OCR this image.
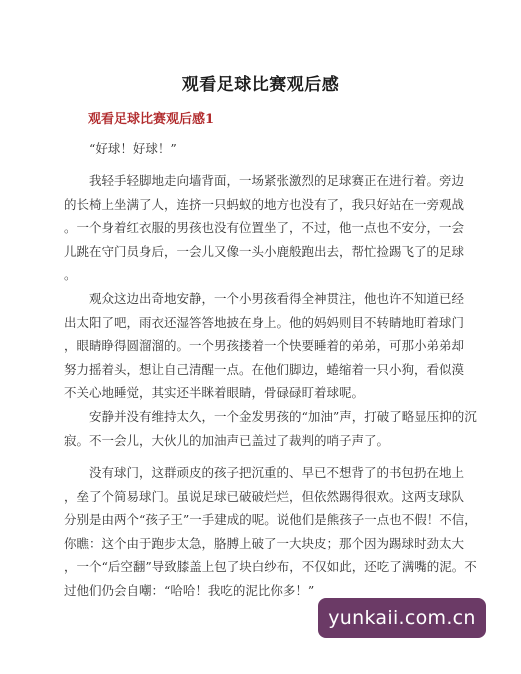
观看足球比赛观后感
观看足球比赛观后感1
“好球！好球！”
我轻手轻脚地走向墙背面，一场紧张激烈的足球赛正在进行着。旁边
的长椅上坐满了人，连挤一只蚂蚁的地方也没有了，我只好站在一旁观战
。一个身着红衣服的男孩也没有位置坐了，不过，他一点也不安分，一会
儿跳在守门员身后，一会儿又像一头小鹿般跑出去，帮忙捡踢飞了的足球
。
观众这边出奇地安静，一个小男孩看得全神贯注，他也许不知道已经
出太阳了吧，雨衣还湿答答地披在身上。他的妈妈则目不转睛地盯着球门
，眼睛睁得圆溜溜的。一个男孩搂着一个快要睡着的弟弟，可那小弟弟却
努力摇着头，想让自己清醒一点。在他们脚边，蜷缩着一只小狗，看似漠
不关心地睡觉，其实还半眯着眼睛，骨碌碌盯着球呢。
安静并没有维持太久，一个金发男孩的“加油”声，打破了略显压抑的沉
寂。不一会儿，大伙儿的加油声已盖过了裁判的哨子声了。
没有球门，这群顽皮的孩子把沉重的、早已不想背了的书包扔在地上
，垒了个简易球门。虽说足球已破破烂烂，但依然踢得很欢。这两支球队
分别是由两个“孩子王”一手建成的呢。说他们是熊孩子一点也不假！不信，
你瞧：这个由于跑步太急，胳膊上破了一大块皮；那个因为踢球时劲太大
，一个“后空翻”导致膝盖上包了块白纱布，不仅如此，还吃了满嘴的泥。不
过他们仍会自嘲：“哈哈！我吃的泥比你多！”
yunkaii.com.cn
